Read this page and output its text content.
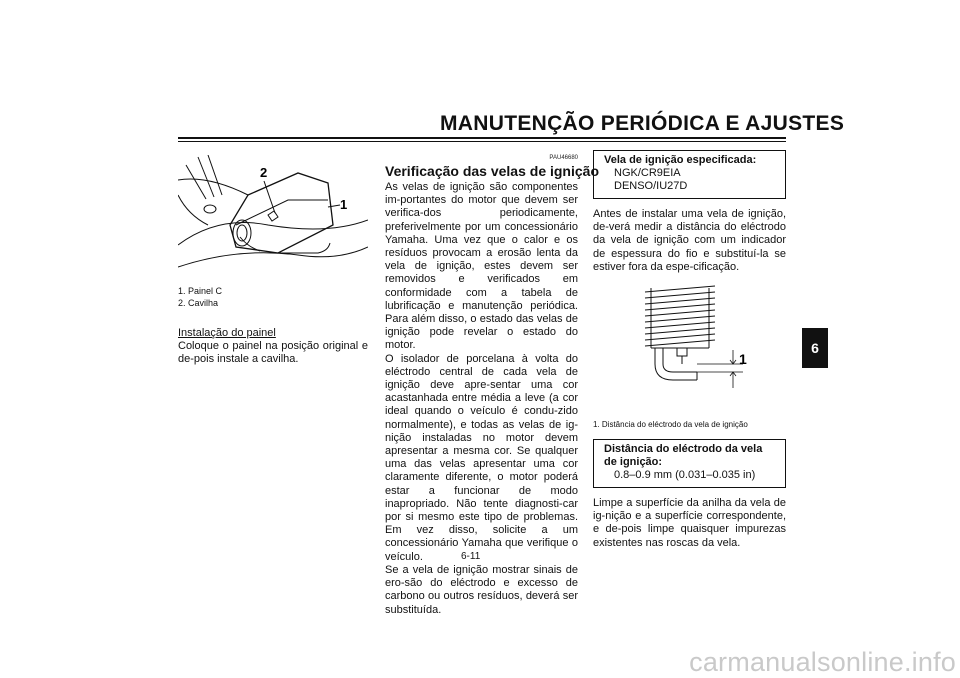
MANUTENÇÃO PERIÓDICA E AJUSTES
2
1
1. Painel C
2. Cavilha
Instalação do painel

Coloque o painel na posição original e de-pois instale a cavilha.

PAU46680
Verificação das velas de ignição

As velas de ignição são componentes im-portantes do motor que devem ser verifica-dos periodicamente, preferivelmente por um concessionário Yamaha. Uma vez que o calor e os resíduos provocam a erosão lenta da vela de ignição, estes devem ser removidos e verificados em conformidade com a tabela de lubrificação e manutenção periódica. Para além disso, o estado das velas de ignição pode revelar o estado do motor.

O isolador de porcelana à volta do eléctrodo central de cada vela de ignição deve apre-sentar uma cor acastanhada entre média a leve (a cor ideal quando o veículo é condu-zido normalmente), e todas as velas de ig-nição instaladas no motor devem apresentar a mesma cor. Se qualquer uma das velas apresentar uma cor claramente diferente, o motor poderá estar a funcionar de modo inapropriado. Não tente diagnosti-car por si mesmo este tipo de problemas. Em vez disso, solicite a um concessionário Yamaha que verifique o veículo.

Se a vela de ignição mostrar sinais de ero-são do eléctrodo e excesso de carbono ou outros resíduos, deverá ser substituída.

Vela de ignição especificada:
NGK/CR9EIA
DENSO/IU27D

Antes de instalar uma vela de ignição, de-verá medir a distância do eléctrodo da vela de ignição com um indicador de espessura do fio e substituí-la se estiver fora da espe-cificação.

1
1. Distância do eléctrodo da vela de ignição
Distância do eléctrodo da vela de ignição:
0.8–0.9 mm (0.031–0.035 in)

Limpe a superfície da anilha da vela de ig-nição e a superfície correspondente, e de-pois limpe quaisquer impurezas existentes nas roscas da vela.

6
6-11
carmanualsonline.info
